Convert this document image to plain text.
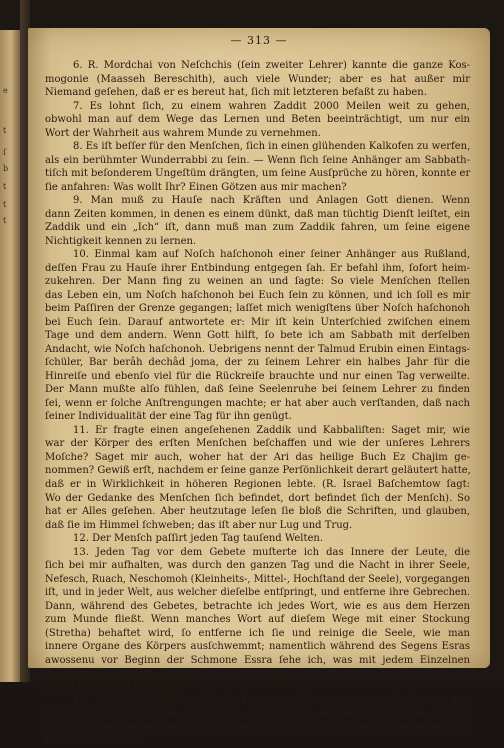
e
t
ſ
b
t
t
t
— 313 —
6. R. Mordchai von Neſchchis (ſein zweiter Lehrer) kannte die ganze Kos-
mogonie (Maasseh Bereschith), auch viele Wunder; aber es hat außer mir
Niemand geſehen, daß er es bereut hat, ſich mit letzteren befaßt zu haben.
7. Es lohnt ſich, zu einem wahren Zaddit 2000 Meilen weit zu gehen,
obwohl man auf dem Wege das Lernen und Beten beeinträchtigt, um nur ein
Wort der Wahrheit aus wahrem Munde zu vernehmen.
8. Es iſt beſſer für den Menſchen, ſich in einen glühenden Kalkofen zu werfen,
als ein berühmter Wunderrabbi zu ſein. — Wenn ſich ſeine Anhänger am Sabbath-
tiſch mit beſonderem Ungeſtüm drängten, um ſeine Ausſprüche zu hören, konnte er
ſie anfahren: Was wollt Ihr? Einen Götzen aus mir machen?
9. Man muß zu Hauſe nach Kräften und Anlagen Gott dienen. Wenn
dann Zeiten kommen, in denen es einem dünkt, daß man tüchtig Dienſt leiſtet, ein
Zaddik und ein „Ich“ iſt, dann muß man zum Zaddik fahren, um ſeine eigene
Nichtigkeit kennen zu lernen.
10. Einmal kam auf Noſch haſchonoh einer ſeiner Anhänger aus Rußland,
deſſen Frau zu Hauſe ihrer Entbindung entgegen ſah. Er befahl ihm, ſofort heim-
zukehren. Der Mann fing zu weinen an und ſagte: So viele Menſchen ſtellen
das Leben ein, um Noſch haſchonoh bei Euch ſein zu können, und ich ſoll es mir
beim Paſſiren der Grenze gegangen; laſſet mich wenigſtens über Noſch haſchonoh
bei Euch ſein. Darauf antwortete er: Mir iſt kein Unterſchied zwiſchen einem
Tage und dem andern. Wenn Gott hilft, ſo bete ich am Sabbath mit derſelben
Andacht, wie Noſch haſchonoh. Uebrigens nennt der Talmud Erubin einen Eintags-
ſchüler, Bar berâh dechâd joma, der zu ſeinem Lehrer ein halbes Jahr für die
Hinreiſe und ebenſo viel für die Rückreiſe brauchte und nur einen Tag verweilte.
Der Mann mußte alſo fühlen, daß ſeine Seelenruhe bei ſeinem Lehrer zu finden
ſei, wenn er ſolche Anſtrengungen machte; er hat aber auch verſtanden, daß nach
ſeiner Individualität der eine Tag für ihn genügt.
11. Er fragte einen angeſehenen Zaddik und Kabbaliſten: Saget mir, wie
war der Körper des erſten Menſchen beſchaffen und wie der unſeres Lehrers
Moſche? Saget mir auch, woher hat der Ari das heilige Buch Ez Chajim ge-
nommen? Gewiß erſt, nachdem er ſeine ganze Perſönlichkeit derart geläutert hatte,
daß er in Wirklichkeit in höheren Regionen lebte. (R. Israel Baſchemtow ſagt:
Wo der Gedanke des Menſchen ſich befindet, dort befindet ſich der Menſch). So
hat er Alles geſehen. Aber heutzutage leſen ſie bloß die Schriften, und glauben,
daß ſie im Himmel ſchweben; das iſt aber nur Lug und Trug.
12. Der Menſch paſſirt jeden Tag tauſend Welten.
13. Jeden Tag vor dem Gebete muſterte ich das Innere der Leute, die
ſich bei mir aufhalten, was durch den ganzen Tag und die Nacht in ihrer Seele,
Nefesch, Ruach, Neschomoh (Kleinheits-, Mittel-, Hochſtand der Seele), vorgegangen
iſt, und in jeder Welt, aus welcher dieſelbe entſpringt, und entferne ihre Gebrechen.
Dann, während des Gebetes, betrachte ich jedes Wort, wie es aus dem Herzen
zum Munde fließt. Wenn manches Wort auf dieſem Wege mit einer Stockung
(Stretha) behaftet wird, ſo entferne ich ſie und reinige die Seele, wie man
innere Organe des Körpers ausſchwemmt; namentlich während des Segens Esras
awossenu vor Beginn der Schmone Essra ſehe ich, was mit jedem Einzelnen
in ſeinem Seelenleben vorgehen wird und wobei die Gebrechen jedes Einzelnen und
deren Heilungen ſtammen.
14. Ich ſehe es lieber, daß die Leute im Gebete vor mir, nicht hinter mir,
ſtehen, wie unſere Weiſen ſagen: man ſoll während des Gebetes nicht im Rücken
ſeines Lehrers ſtehen; denn ſo iſt es mir leicht, ſie aufzuheben, im anderen Falle
fällt es ſehr ſchwer.
